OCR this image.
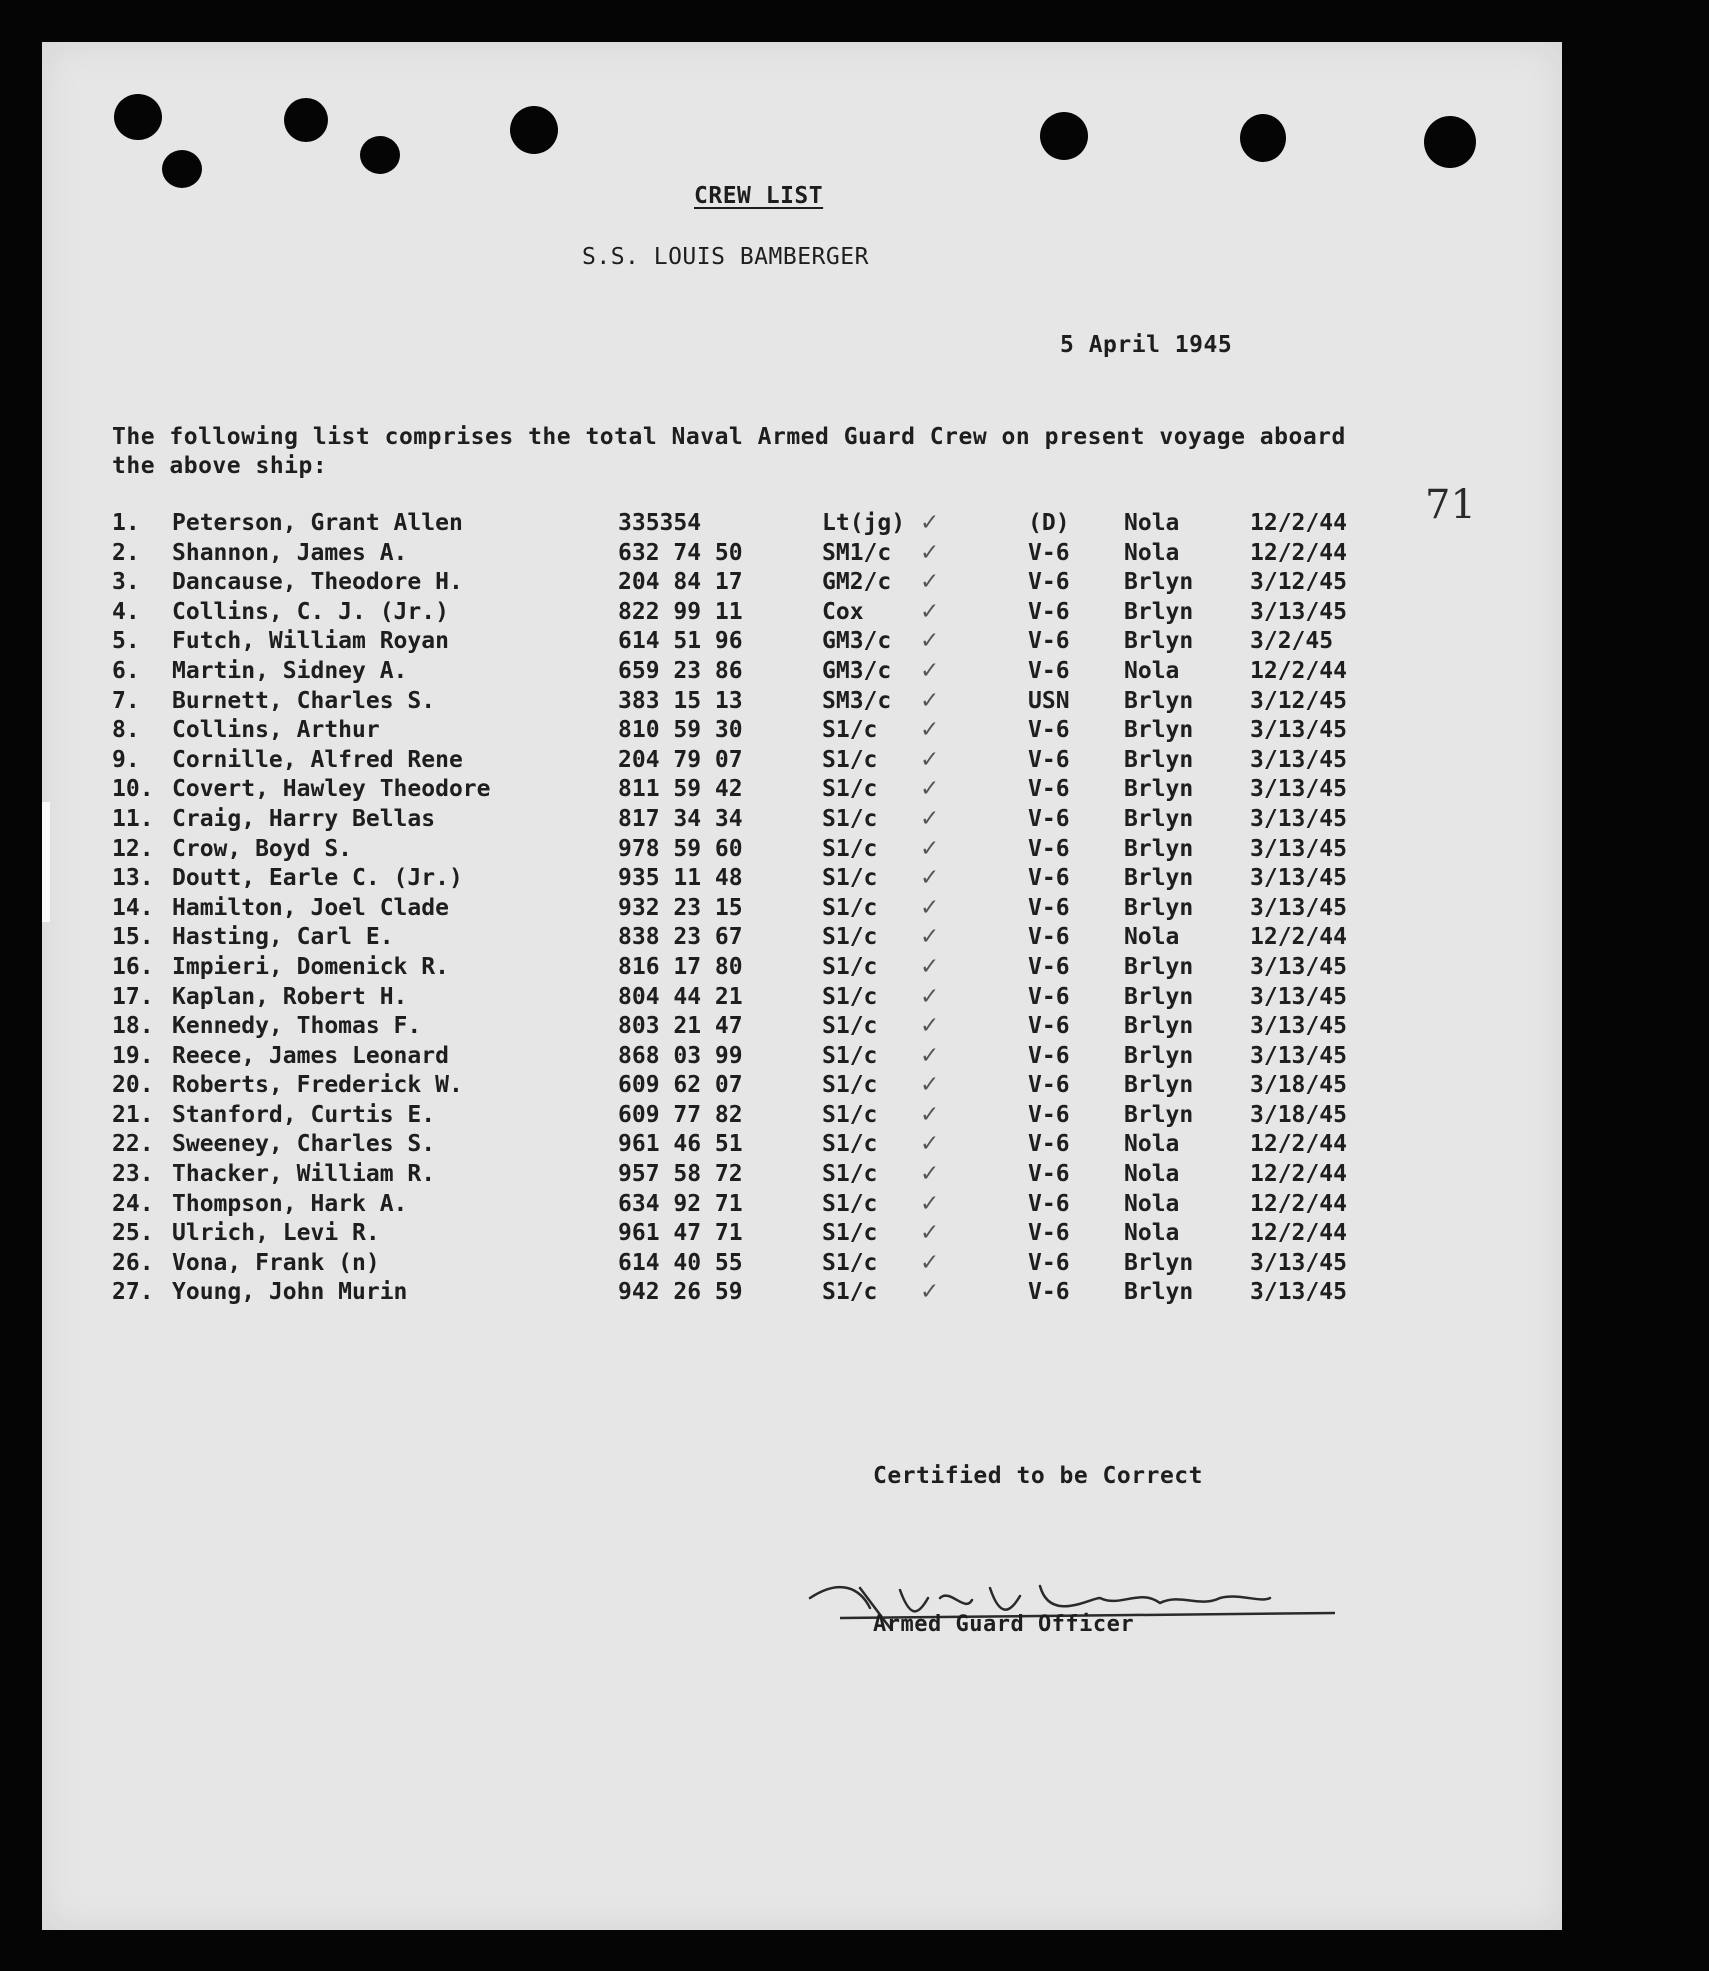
CREW LIST
S.S. LOUIS BAMBERGER
5 April 1945
The following list comprises the total Naval Armed Guard Crew on present voyage aboard the above ship:
71
1. Peterson, Grant Allen	335354	Lt(jg) ✓	(D) Nola	12/2/44
2. Shannon, James A.	632 74 50	SM1/c ✓	V-6 Nola	12/2/44
3. Dancause, Theodore H.	204 84 17	GM2/c ✓	V-6 Brlyn 3/12/45
4. Collins, C. J. (Jr.)	822 99 11	Cox ✓	V-6 Brlyn 3/13/45
5. Futch, William Royan	614 51 96	GM3/c ✓	V-6 Brlyn 3/2/45
6. Martin, Sidney A.	659 23 86	GM3/c ✓	V-6 Nola	12/2/44
7. Burnett, Charles S.	383 15 13	SM3/c ✓	USN Brlyn 3/12/45
8. Collins, Arthur	810 59 30	S1/c ✓	V-6 Brlyn 3/13/45
9. Cornille, Alfred Rene	204 79 07	S1/c ✓	V-6 Brlyn 3/13/45
10. Covert, Hawley Theodore	811 59 42	S1/c ✓	V-6 Brlyn 3/13/45
11. Craig, Harry Bellas	817 34 34	S1/c ✓	V-6 Brlyn 3/13/45
12. Crow, Boyd S.	978 59 60	S1/c ✓	V-6 Brlyn 3/13/45
13. Doutt, Earle C. (Jr.)	935 11 48	S1/c ✓	V-6 Brlyn 3/13/45
14. Hamilton, Joel Clade	932 23 15	S1/c ✓	V-6 Brlyn 3/13/45
15. Hasting, Carl E.	838 23 67	S1/c ✓	V-6 Nola	12/2/44
16. Impieri, Domenick R.	816 17 80	S1/c ✓	V-6 Brlyn 3/13/45
17. Kaplan, Robert H.	804 44 21	S1/c ✓	V-6 Brlyn 3/13/45
18. Kennedy, Thomas F.	803 21 47	S1/c ✓	V-6 Brlyn 3/13/45
19. Reece, James Leonard	868 03 99	S1/c ✓	V-6 Brlyn 3/13/45
20. Roberts, Frederick W.	609 62 07	S1/c ✓	V-6 Brlyn 3/18/45
21. Stanford, Curtis E.	609 77 82	S1/c ✓	V-6 Brlyn 3/18/45
22. Sweeney, Charles S.	961 46 51	S1/c ✓	V-6 Nola	12/2/44
23. Thacker, William R.	957 58 72	S1/c ✓	V-6 Nola	12/2/44
24. Thompson, Hark A.	634 92 71	S1/c ✓	V-6 Nola	12/2/44
25. Ulrich, Levi R.	961 47 71	S1/c ✓	V-6 Nola	12/2/44
26. Vona, Frank (n)	614 40 55	S1/c ✓	V-6 Brlyn 3/13/45
27. Young, John Murin	942 26 59	S1/c ✓	V-6 Brlyn 3/13/45
Certified to be Correct
Armed Guard Officer
